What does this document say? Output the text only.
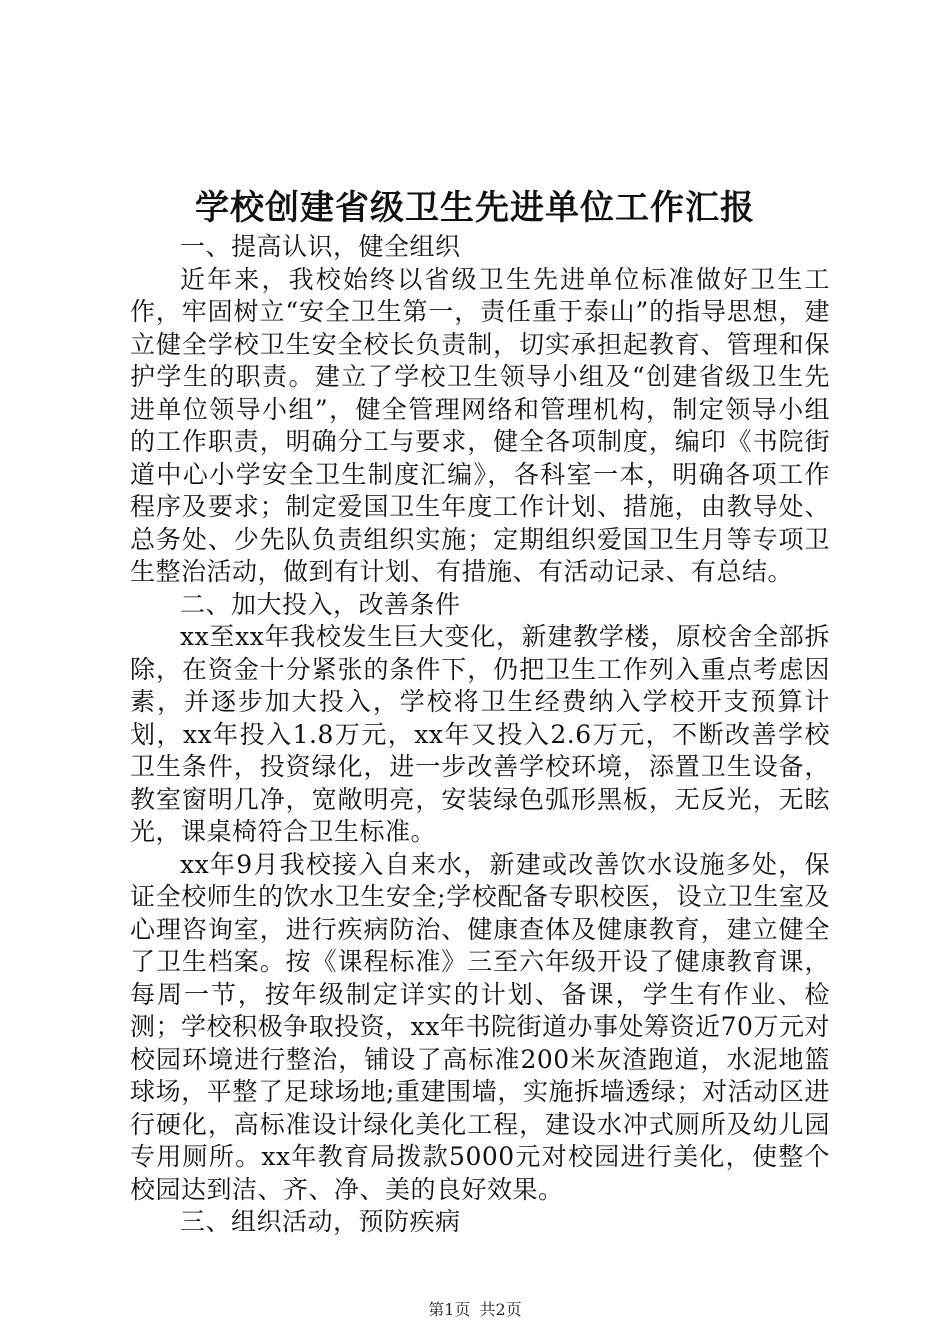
学校创建省级卫生先进单位工作汇报

一、提高认识，健全组织

近年来，我校始终以省级卫生先进单位标准做好卫生工作，牢固树立“安全卫生第一，责任重于泰山”的指导思想，建立健全学校卫生安全校长负责制，切实承担起教育、管理和保护学生的职责。建立了学校卫生领导小组及“创建省级卫生先进单位领导小组”，健全管理网络和管理机构，制定领导小组的工作职责，明确分工与要求，健全各项制度，编印《书院街道中心小学安全卫生制度汇编》，各科室一本，明确各项工作程序及要求；制定爱国卫生年度工作计划、措施，由教导处、总务处、少先队负责组织实施；定期组织爱国卫生月等专项卫生整治活动，做到有计划、有措施、有活动记录、有总结。

二、加大投入，改善条件

xx至xx年我校发生巨大变化，新建教学楼，原校舍全部拆除，在资金十分紧张的条件下，仍把卫生工作列入重点考虑因素，并逐步加大投入，学校将卫生经费纳入学校开支预算计划，xx年投入1.8万元，xx年又投入2.6万元，不断改善学校卫生条件，投资绿化，进一步改善学校环境，添置卫生设备，教室窗明几净，宽敞明亮，安装绿色弧形黑板，无反光，无眩光，课桌椅符合卫生标准。

xx年9月我校接入自来水，新建或改善饮水设施多处，保证全校师生的饮水卫生安全;学校配备专职校医，设立卫生室及心理咨询室，进行疾病防治、健康查体及健康教育，建立健全了卫生档案。按《课程标准》三至六年级开设了健康教育课，每周一节，按年级制定详实的计划、备课，学生有作业、检测；学校积极争取投资，xx年书院街道办事处筹资近70万元对校园环境进行整治，铺设了高标准200米灰渣跑道，水泥地篮球场，平整了足球场地;重建围墙，实施拆墙透绿；对活动区进行硬化，高标准设计绿化美化工程，建设水冲式厕所及幼儿园专用厕所。xx年教育局拨款5000元对校园进行美化，使整个校园达到洁、齐、净、美的良好效果。

三、组织活动，预防疾病

第1页 共2页
